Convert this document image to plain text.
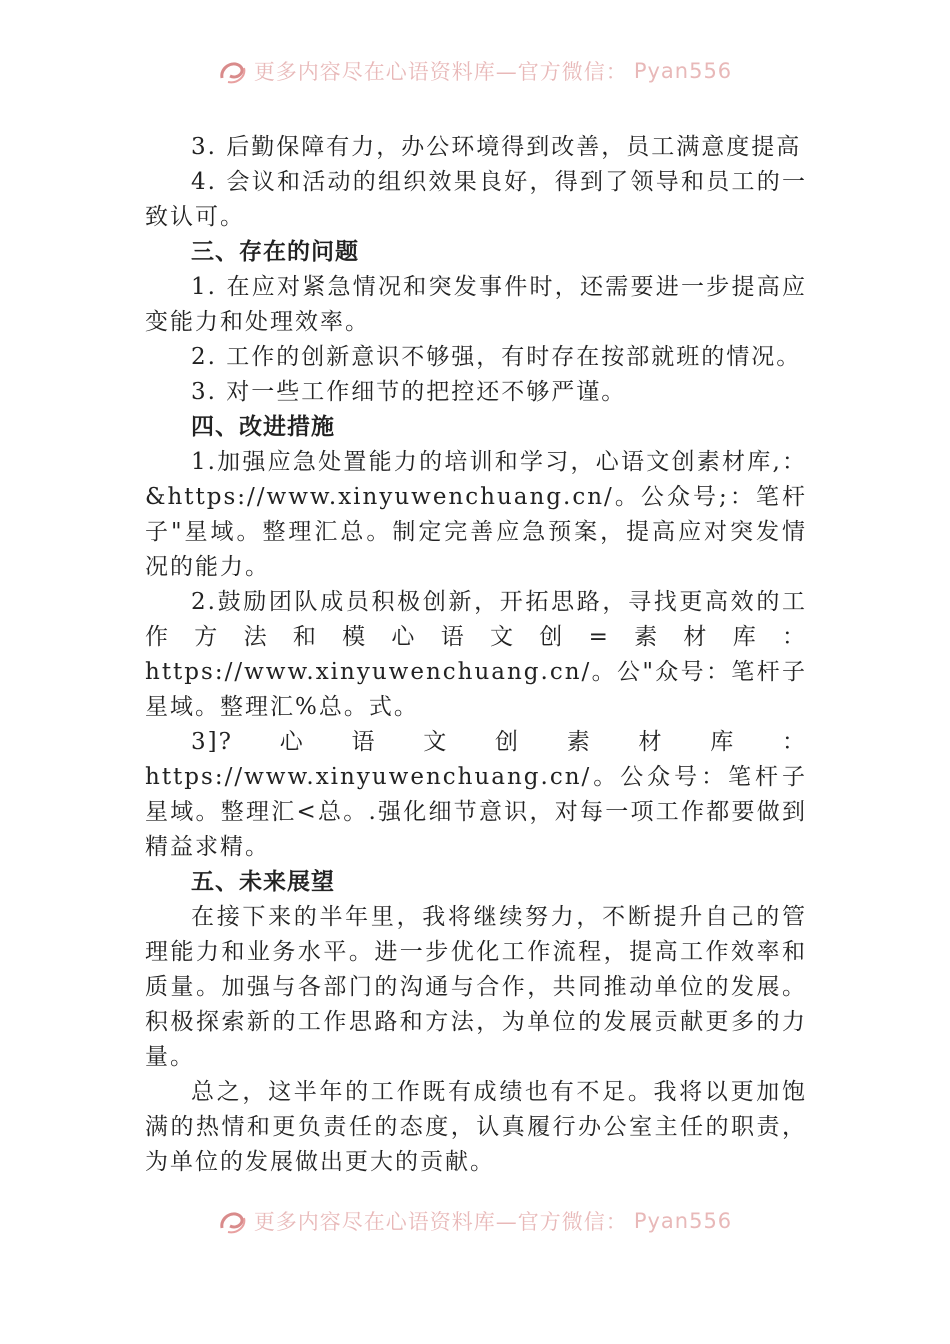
更多内容尽在心语资料库—官方微信： Pyan556

3. 后勤保障有力，办公环境得到改善，员工满意度提高

4. 会议和活动的组织效果良好，得到了领导和员工的一致认可。

三、存在的问题

1. 在应对紧急情况和突发事件时，还需要进一步提高应变能力和处理效率。

2. 工作的创新意识不够强，有时存在按部就班的情况。

3. 对一些工作细节的把控还不够严谨。

四、改进措施

1.加强应急处置能力的培训和学习，心语文创素材库,：&https://www.xinyuwenchuang.cn/。公众号;：笔杆子"星域。整理汇总。制定完善应急预案，提高应对突发情况的能力。

2.鼓励团队成员积极创新，开拓思路，寻找更高效的工作方法和模心语文创=素材库：https://www.xinyuwenchuang.cn/。公"众号：笔杆子星域。整理汇%总。式。

3]?心语文创素材库：https://www.xinyuwenchuang.cn/。公众号：笔杆子星域。整理汇<总。.强化细节意识，对每一项工作都要做到精益求精。

五、未来展望

在接下来的半年里，我将继续努力，不断提升自己的管理能力和业务水平。进一步优化工作流程，提高工作效率和质量。加强与各部门的沟通与合作，共同推动单位的发展。积极探索新的工作思路和方法，为单位的发展贡献更多的力量。

总之，这半年的工作既有成绩也有不足。我将以更加饱满的热情和更负责任的态度，认真履行办公室主任的职责，为单位的发展做出更大的贡献。

更多内容尽在心语资料库—官方微信： Pyan556
